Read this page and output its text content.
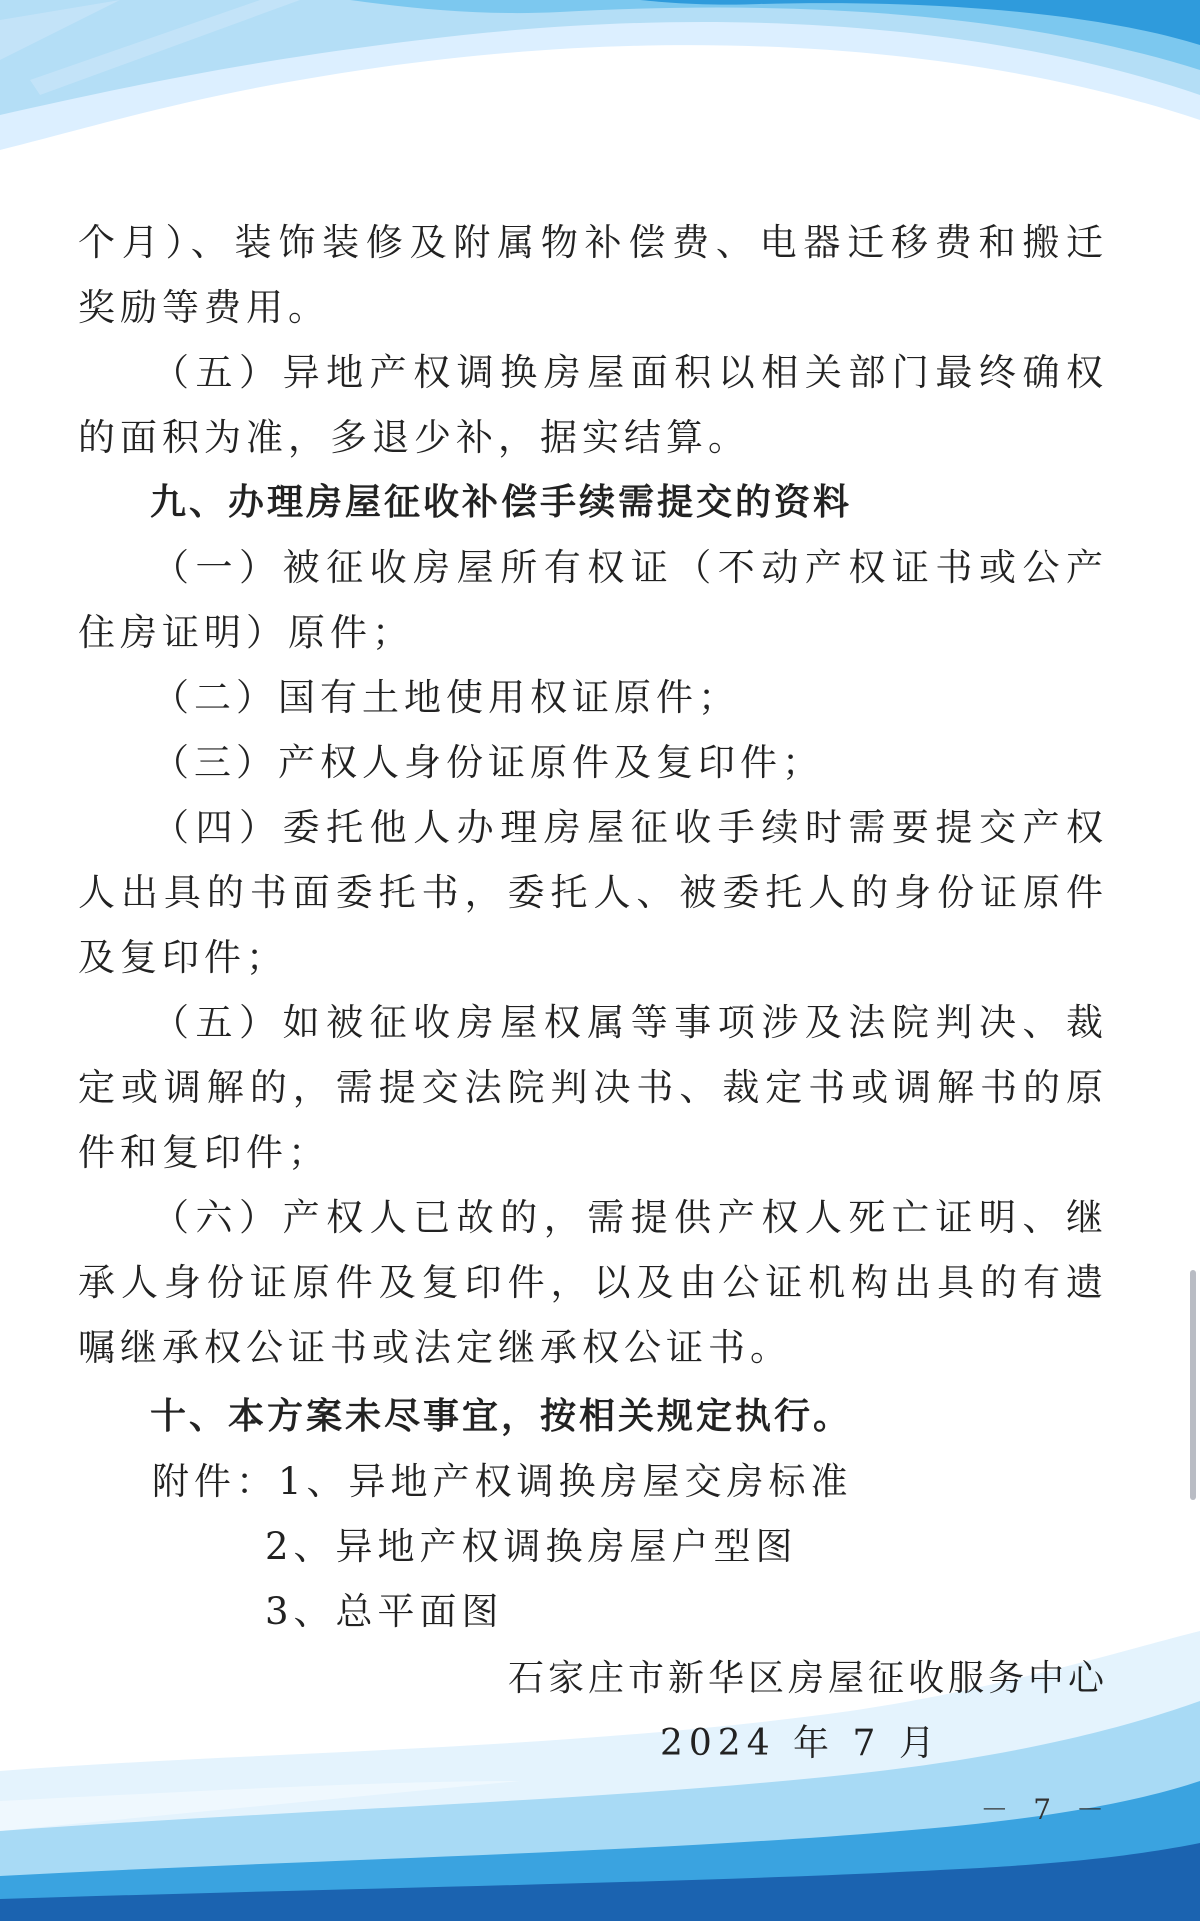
个月）、装饰装修及附属物补偿费、电器迁移费和搬迁奖励等费用。

（五）异地产权调换房屋面积以相关部门最终确权的面积为准，多退少补，据实结算。

九、办理房屋征收补偿手续需提交的资料

（一）被征收房屋所有权证（不动产权证书或公产住房证明）原件；

（二）国有土地使用权证原件；

（三）产权人身份证原件及复印件；

（四）委托他人办理房屋征收手续时需要提交产权人出具的书面委托书，委托人、被委托人的身份证原件及复印件；

（五）如被征收房屋权属等事项涉及法院判决、裁定或调解的，需提交法院判决书、裁定书或调解书的原件和复印件；

（六）产权人已故的，需提供产权人死亡证明、继承人身份证原件及复印件，以及由公证机构出具的有遗嘱继承权公证书或法定继承权公证书。

十、本方案未尽事宜，按相关规定执行。

附件：1、异地产权调换房屋交房标准

2、异地产权调换房屋户型图

3、总平面图

石家庄市新华区房屋征收服务中心

2024 年 7 月

－ 7 －
